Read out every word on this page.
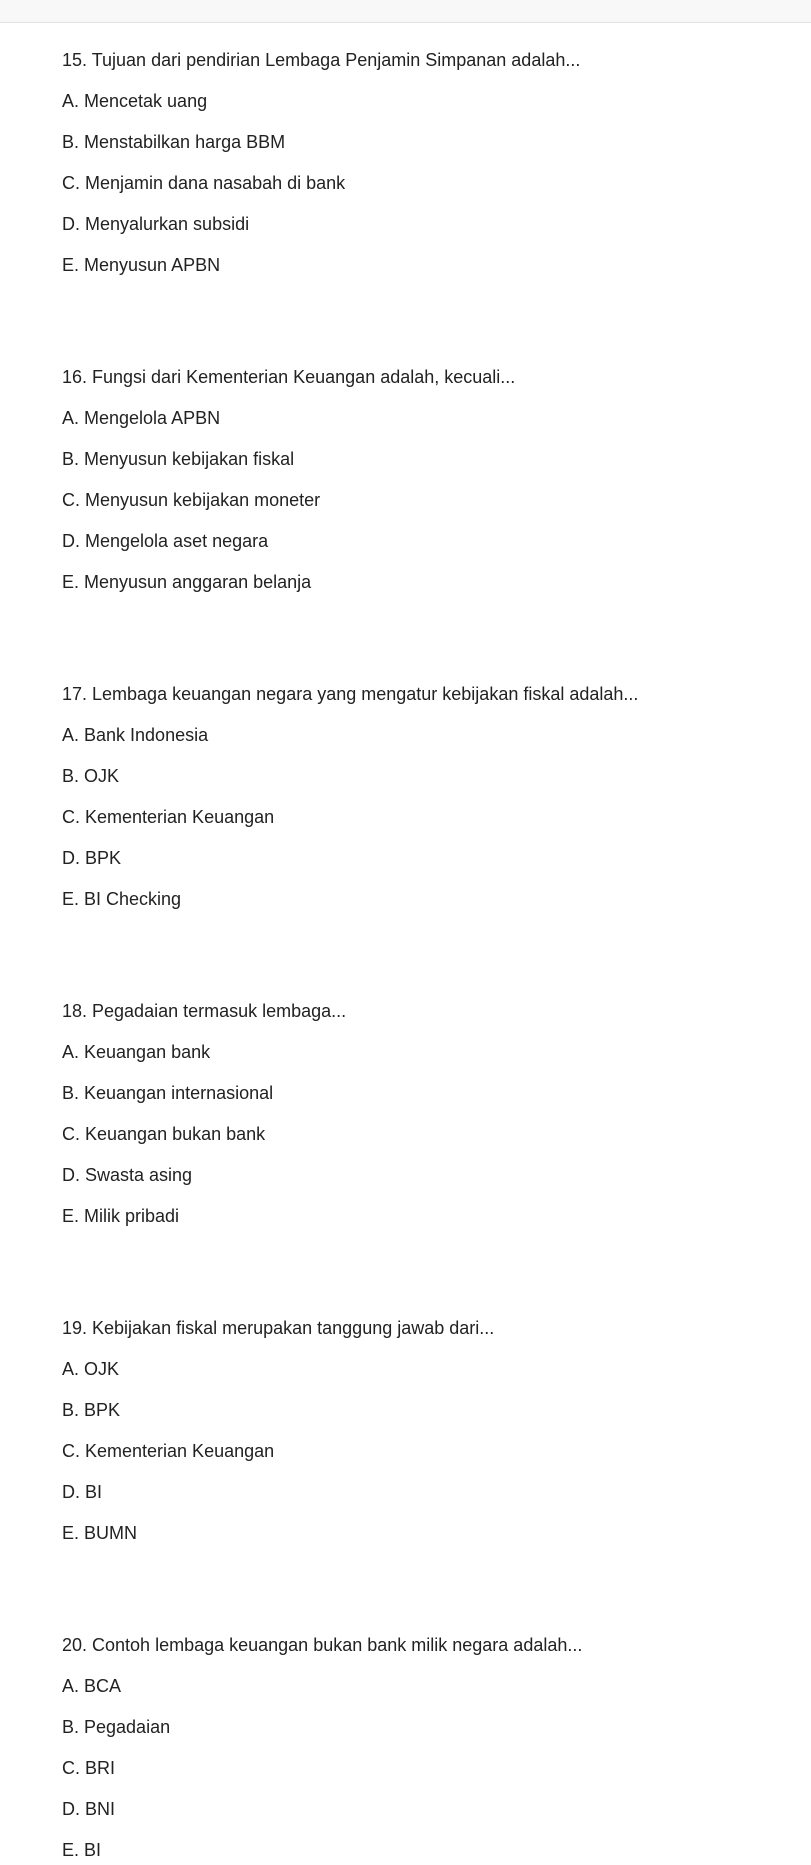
15. Tujuan dari pendirian Lembaga Penjamin Simpanan adalah...
A. Mencetak uang
B. Menstabilkan harga BBM
C. Menjamin dana nasabah di bank
D. Menyalurkan subsidi
E. Menyusun APBN
16. Fungsi dari Kementerian Keuangan adalah, kecuali...
A. Mengelola APBN
B. Menyusun kebijakan fiskal
C. Menyusun kebijakan moneter
D. Mengelola aset negara
E. Menyusun anggaran belanja
17. Lembaga keuangan negara yang mengatur kebijakan fiskal adalah...
A. Bank Indonesia
B. OJK
C. Kementerian Keuangan
D. BPK
E. BI Checking
18. Pegadaian termasuk lembaga...
A. Keuangan bank
B. Keuangan internasional
C. Keuangan bukan bank
D. Swasta asing
E. Milik pribadi
19. Kebijakan fiskal merupakan tanggung jawab dari...
A. OJK
B. BPK
C. Kementerian Keuangan
D. BI
E. BUMN
20. Contoh lembaga keuangan bukan bank milik negara adalah...
A. BCA
B. Pegadaian
C. BRI
D. BNI
E. BI
